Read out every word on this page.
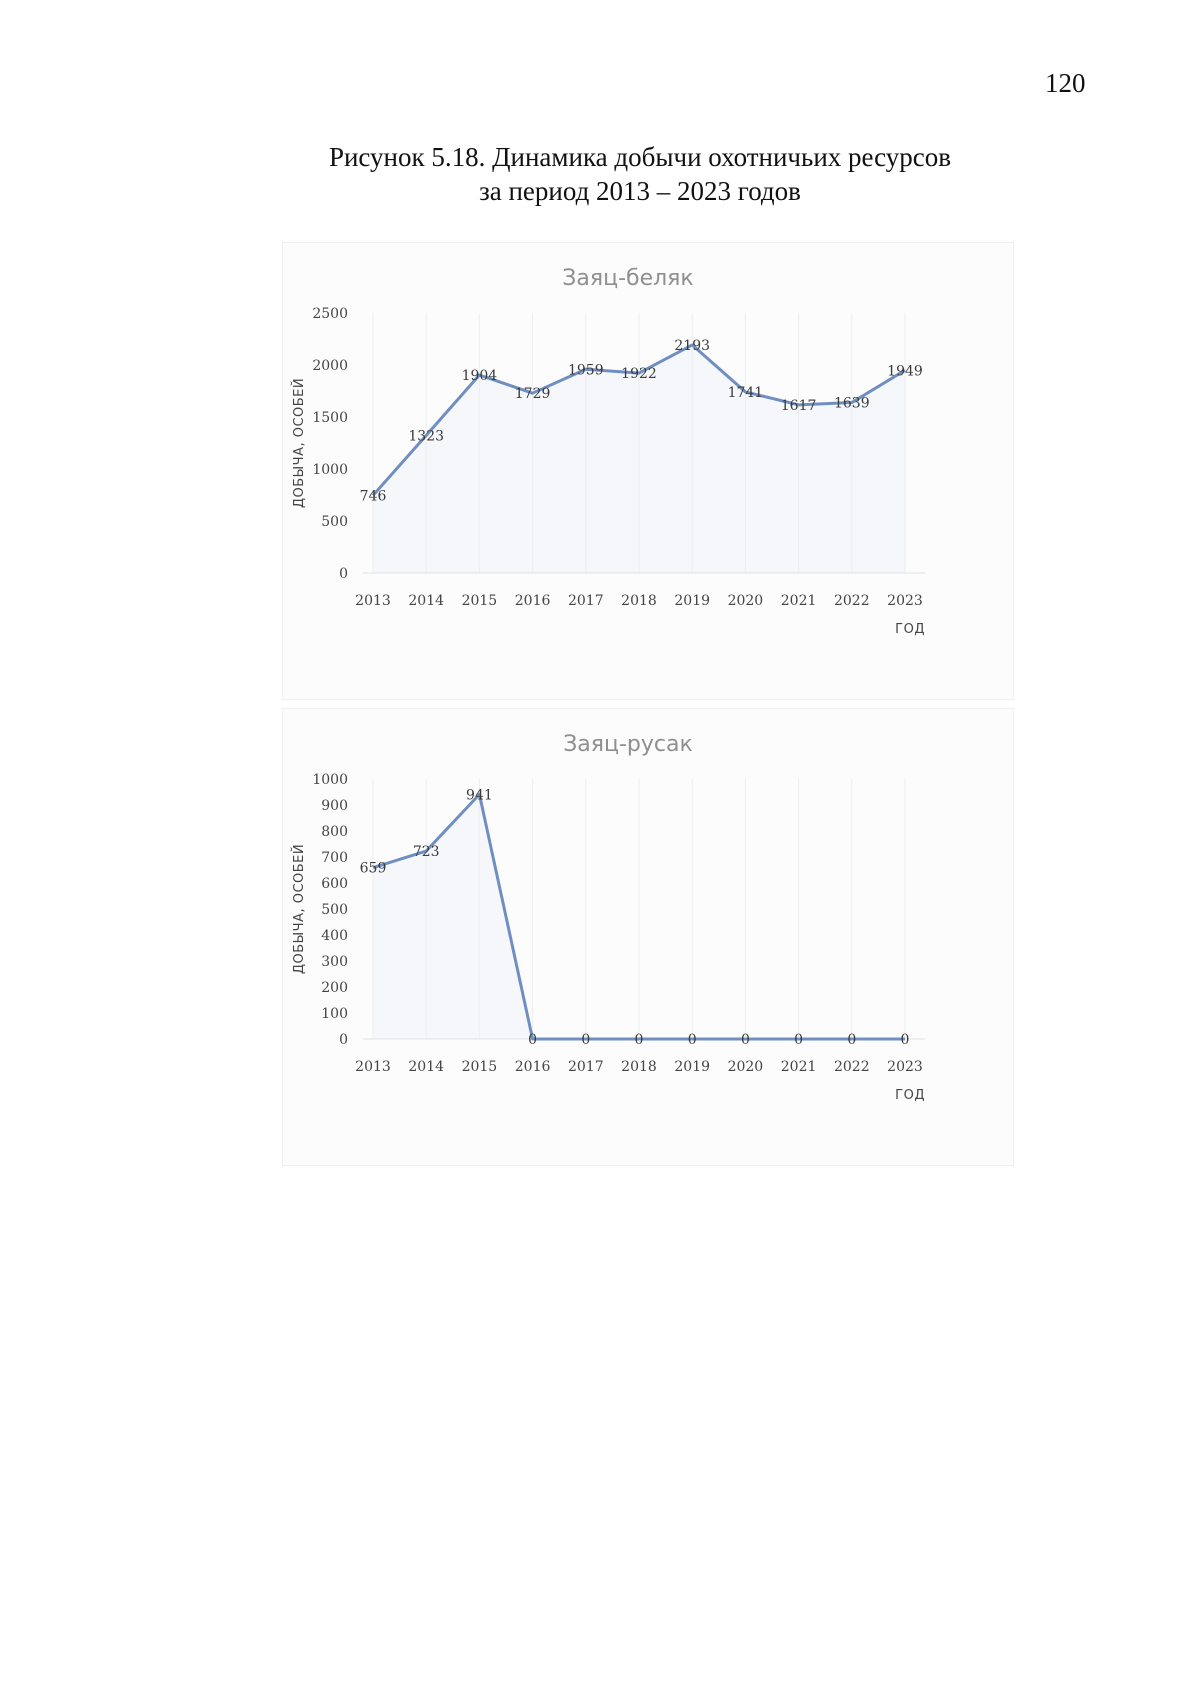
120
Рисунок 5.18. Динамика добычи охотничьих ресурсов
за период 2013 – 2023 годов
Заяц-беляк
0
500
1000
1500
2000
2500
2013 2014 2015 2016 2017 2018 2019 2020 2021 2022 2023
ГОД
ДОБЫЧА, ОСОБЕЙ	746
1323
1904
1729
1959 1922
2193
1741
1617 1639
1949
Заяц-русак
0
100
200
300
400
500
600
700
800
900
1000
2013 2014 2015 2016 2017 2018 2019 2020 2021 2022 2023
ГОД
ДОБЫЧА, ОСОБЕЙ	659
723
941
0	0	0	0	0	0	0	0
